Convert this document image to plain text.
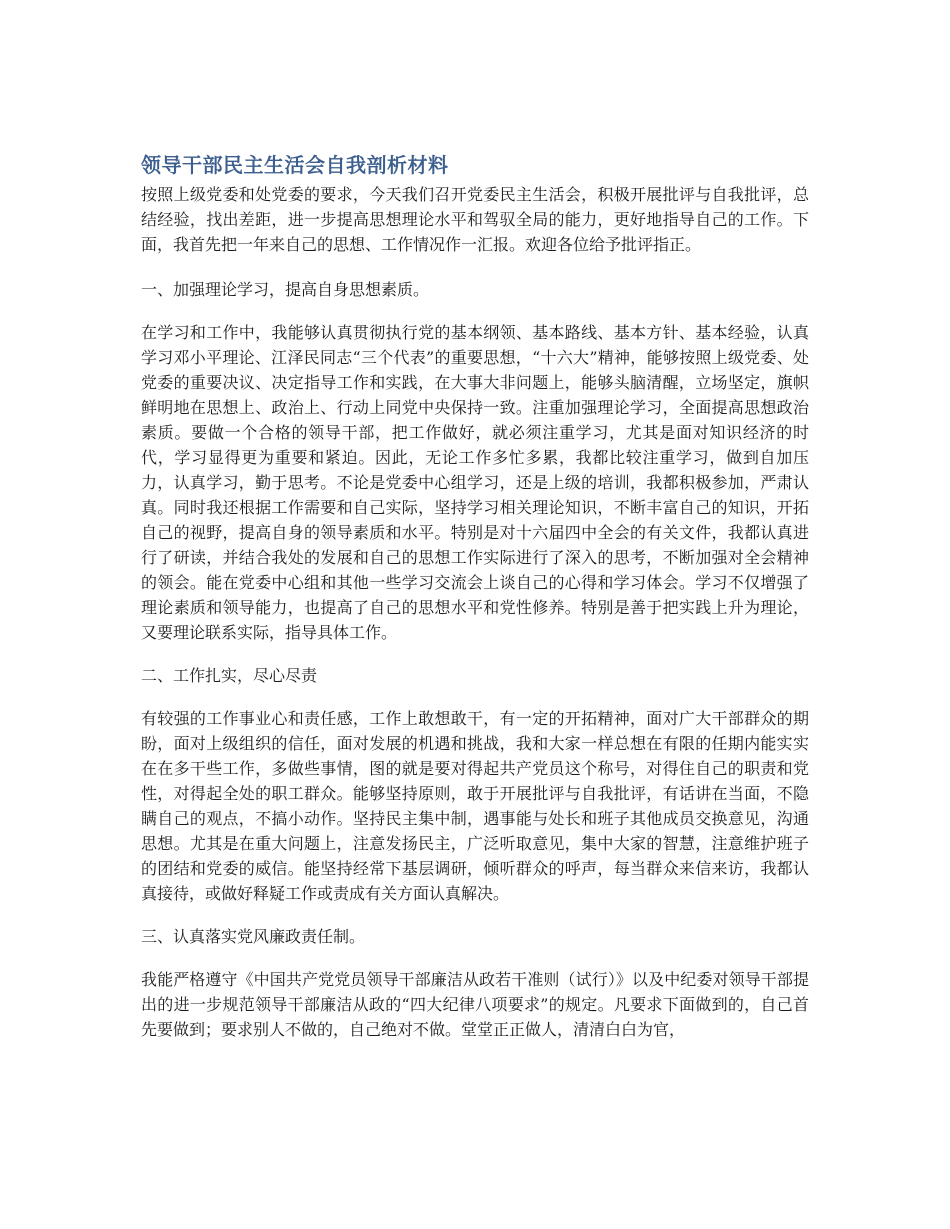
领导干部民主生活会自我剖析材料

按照上级党委和处党委的要求，今天我们召开党委民主生活会，积极开展批评与自我批评，总结经验，找出差距，进一步提高思想理论水平和驾驭全局的能力，更好地指导自己的工作。下面，我首先把一年来自己的思想、工作情况作一汇报。欢迎各位给予批评指正。

一、加强理论学习，提高自身思想素质。

在学习和工作中，我能够认真贯彻执行党的基本纲领、基本路线、基本方针、基本经验，认真学习邓小平理论、江泽民同志“三个代表”的重要思想，“十六大”精神，能够按照上级党委、处党委的重要决议、决定指导工作和实践，在大事大非问题上，能够头脑清醒，立场坚定，旗帜鲜明地在思想上、政治上、行动上同党中央保持一致。注重加强理论学习，全面提高思想政治素质。要做一个合格的领导干部，把工作做好，就必须注重学习，尤其是面对知识经济的时代，学习显得更为重要和紧迫。因此，无论工作多忙多累，我都比较注重学习，做到自加压力，认真学习，勤于思考。不论是党委中心组学习，还是上级的培训，我都积极参加，严肃认真。同时我还根据工作需要和自己实际，坚持学习相关理论知识，不断丰富自己的知识，开拓自己的视野，提高自身的领导素质和水平。特别是对十六届四中全会的有关文件，我都认真进行了研读，并结合我处的发展和自己的思想工作实际进行了深入的思考，不断加强对全会精神的领会。能在党委中心组和其他一些学习交流会上谈自己的心得和学习体会。学习不仅增强了理论素质和领导能力，也提高了自己的思想水平和党性修养。特别是善于把实践上升为理论，又要理论联系实际，指导具体工作。

二、工作扎实，尽心尽责

有较强的工作事业心和责任感，工作上敢想敢干，有一定的开拓精神，面对广大干部群众的期盼，面对上级组织的信任，面对发展的机遇和挑战，我和大家一样总想在有限的任期内能实实在在多干些工作，多做些事情，图的就是要对得起共产党员这个称号，对得住自己的职责和党性，对得起全处的职工群众。能够坚持原则，敢于开展批评与自我批评，有话讲在当面，不隐瞒自己的观点，不搞小动作。坚持民主集中制，遇事能与处长和班子其他成员交换意见，沟通思想。尤其是在重大问题上，注意发扬民主，广泛听取意见，集中大家的智慧，注意维护班子的团结和党委的威信。能坚持经常下基层调研，倾听群众的呼声，每当群众来信来访，我都认真接待，或做好释疑工作或责成有关方面认真解决。

三、认真落实党风廉政责任制。

我能严格遵守《中国共产党党员领导干部廉洁从政若干准则（试行）》以及中纪委对领导干部提出的进一步规范领导干部廉洁从政的“四大纪律八项要求”的规定。凡要求下面做到的，自己首先要做到；要求别人不做的，自己绝对不做。堂堂正正做人，清清白白为官，
